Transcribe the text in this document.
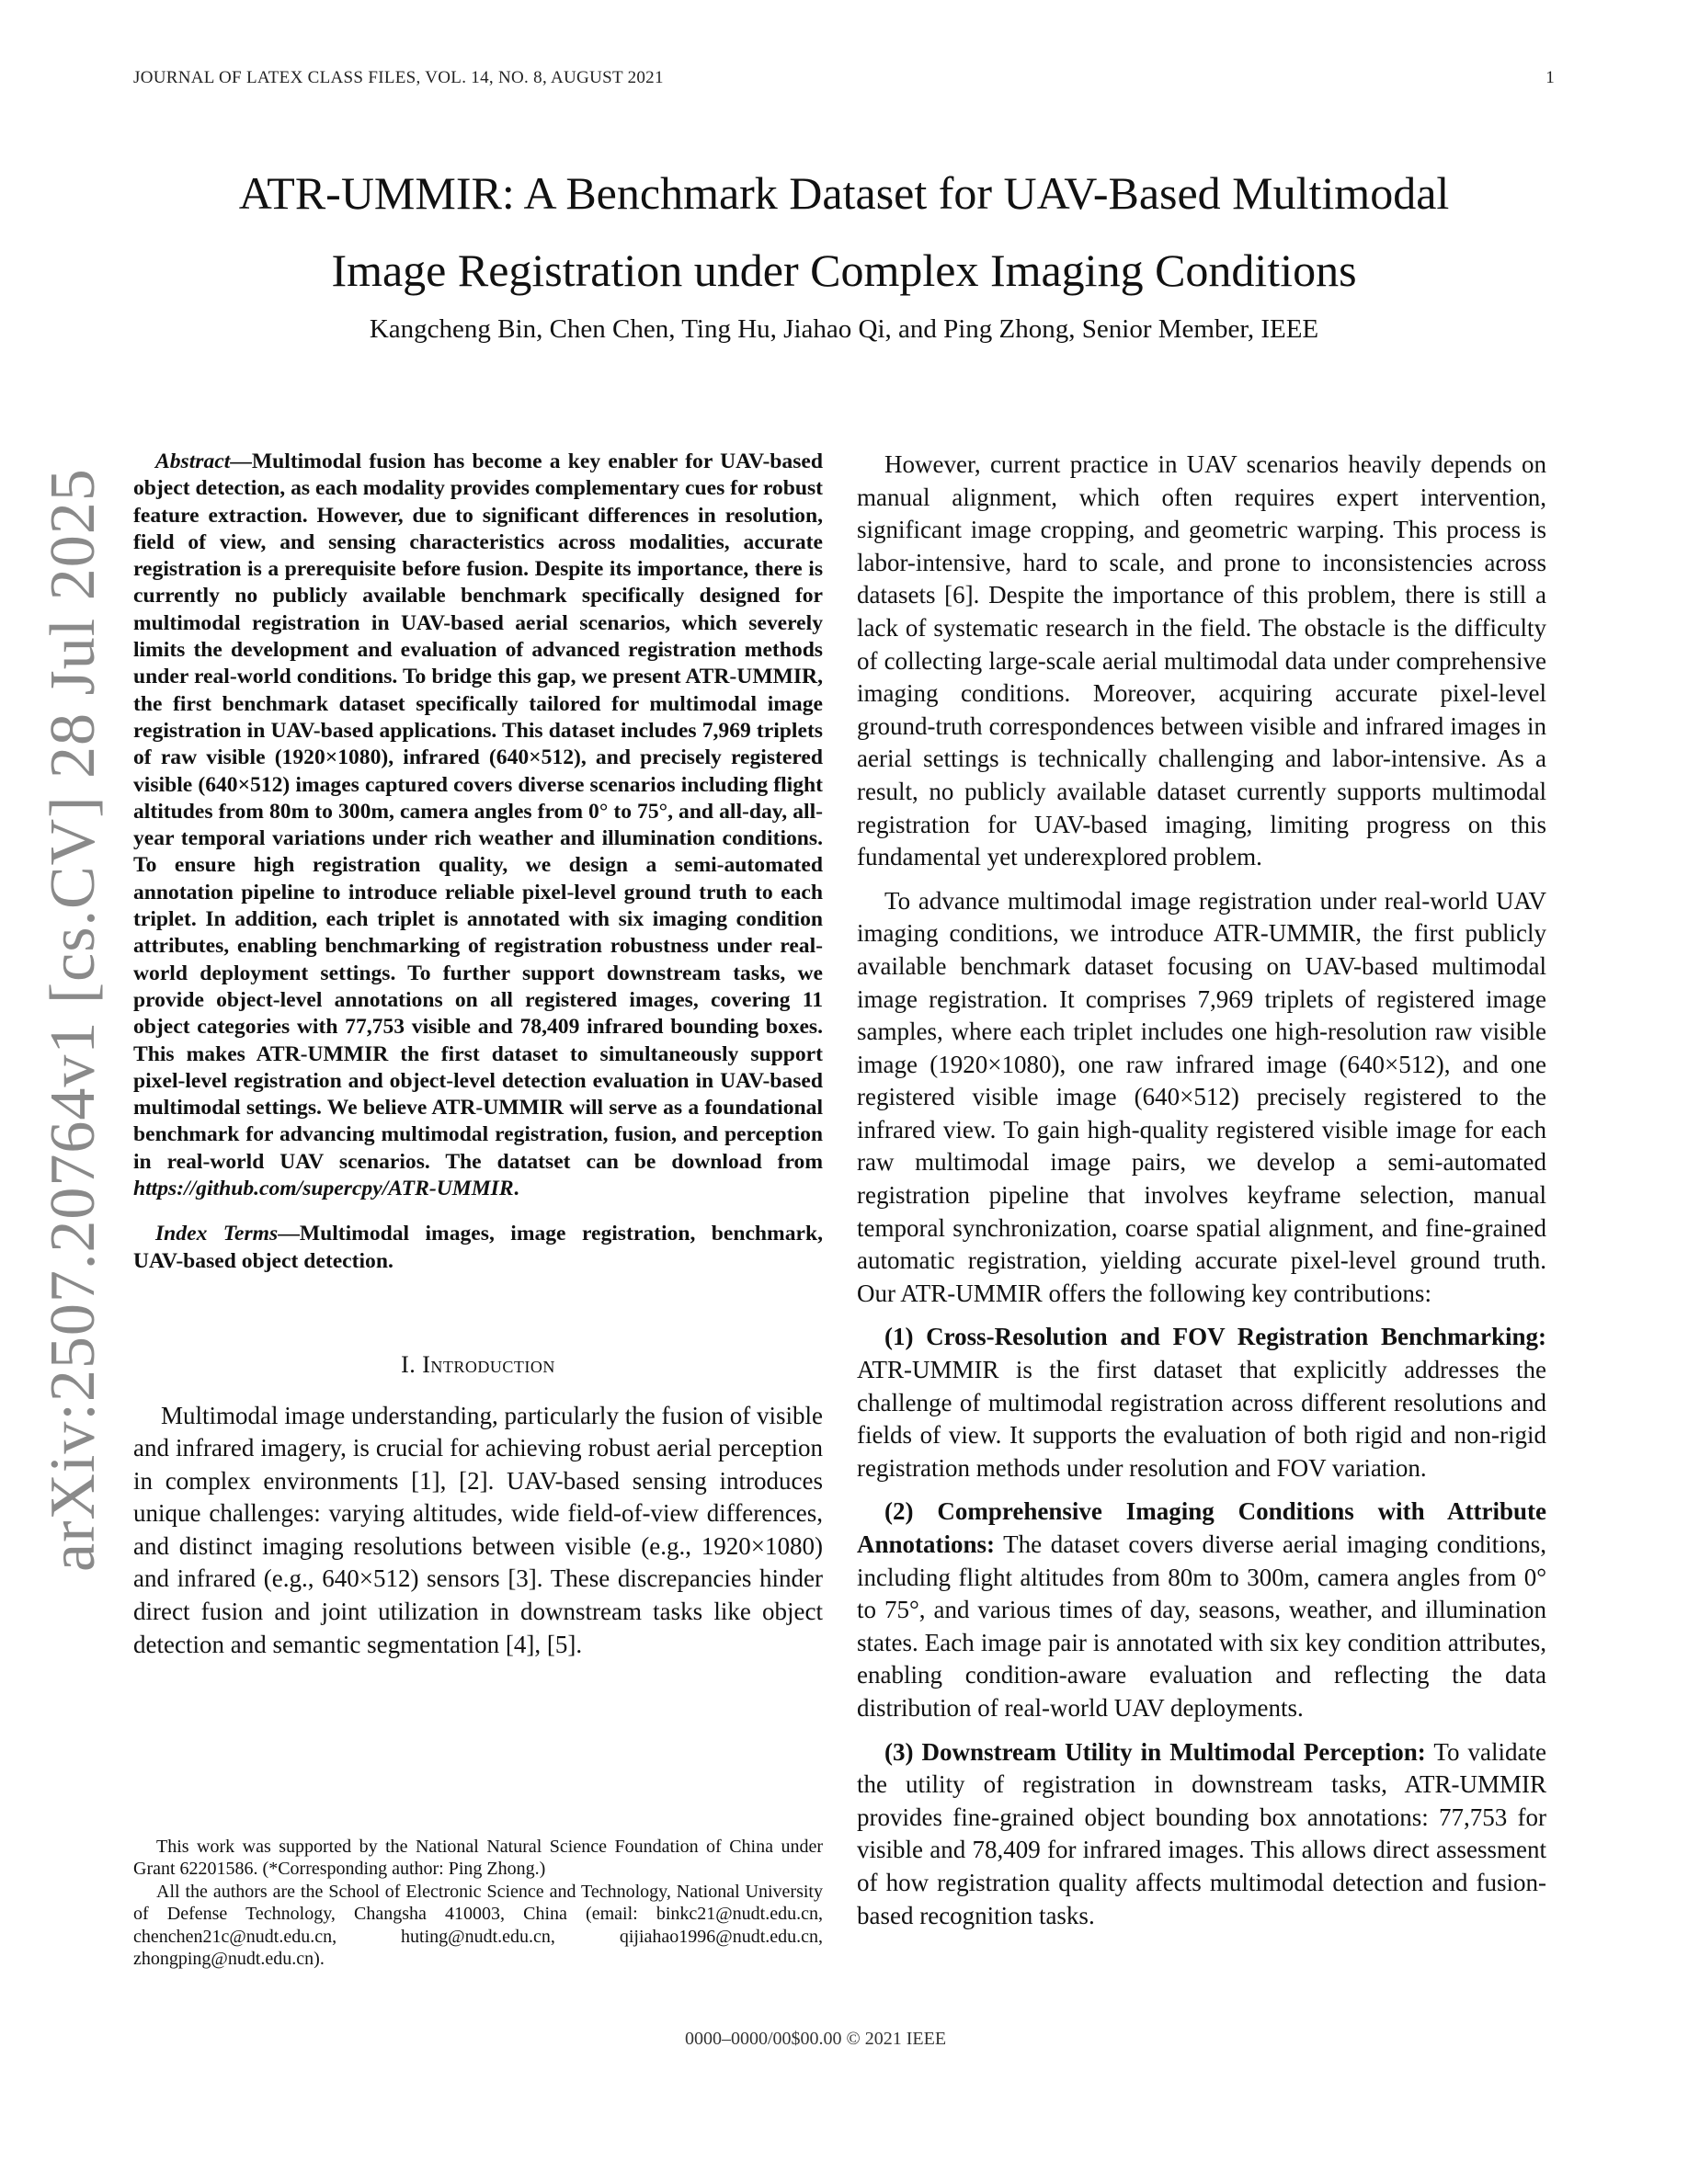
JOURNAL OF LATEX CLASS FILES, VOL. 14, NO. 8, AUGUST 2021	1
arXiv:2507.20764v1 [cs.CV] 28 Jul 2025
ATR-UMMIR: A Benchmark Dataset for UAV-Based Multimodal
Image Registration under Complex Imaging Conditions
Kangcheng Bin, Chen Chen, Ting Hu, Jiahao Qi, and Ping Zhong, Senior Member, IEEE

Abstract—Multimodal fusion has become a key enabler for UAV-based object detection, as each modality provides complementary cues for robust feature extraction. However, due to significant differences in resolution, field of view, and sensing characteristics across modalities, accurate registration is a prerequisite before fusion. Despite its importance, there is currently no publicly available benchmark specifically designed for multimodal registration in UAV-based aerial scenarios, which severely limits the development and evaluation of advanced registration methods under real-world conditions. To bridge this gap, we present ATR-UMMIR, the first benchmark dataset specifically tailored for multimodal image registration in UAV-based applications. This dataset includes 7,969 triplets of raw visible (1920×1080), infrared (640×512), and precisely registered visible (640×512) images captured covers diverse scenarios including flight altitudes from 80m to 300m, camera angles from 0° to 75°, and all-day, all-year temporal variations under rich weather and illumination conditions. To ensure high registration quality, we design a semi-automated annotation pipeline to introduce reliable pixel-level ground truth to each triplet. In addition, each triplet is annotated with six imaging condition attributes, enabling benchmarking of registration robustness under real-world deployment settings. To further support downstream tasks, we provide object-level annotations on all registered images, covering 11 object categories with 77,753 visible and 78,409 infrared bounding boxes. This makes ATR-UMMIR the first dataset to simultaneously support pixel-level registration and object-level detection evaluation in UAV-based multimodal settings. We believe ATR-UMMIR will serve as a foundational benchmark for advancing multimodal registration, fusion, and perception in real-world UAV scenarios. The datatset can be download from https://github.com/supercpy/ATR-UMMIR.

Index Terms—Multimodal images, image registration, benchmark, UAV-based object detection.

I. Introduction

Multimodal image understanding, particularly the fusion of visible and infrared imagery, is crucial for achieving robust aerial perception in complex environments [1], [2]. UAV-based sensing introduces unique challenges: varying altitudes, wide field-of-view differences, and distinct imaging resolutions between visible (e.g., 1920×1080) and infrared (e.g., 640×512) sensors [3]. These discrepancies hinder direct fusion and joint utilization in downstream tasks like object detection and semantic segmentation [4], [5].

This work was supported by the National Natural Science Foundation of China under Grant 62201586. (*Corresponding author: Ping Zhong.)

All the authors are the School of Electronic Science and Technology, National University of Defense Technology, Changsha 410003, China (email: binkc21@nudt.edu.cn, chenchen21c@nudt.edu.cn, huting@nudt.edu.cn, qijiahao1996@nudt.edu.cn, zhongping@nudt.edu.cn).

However, current practice in UAV scenarios heavily depends on manual alignment, which often requires expert intervention, significant image cropping, and geometric warping. This process is labor-intensive, hard to scale, and prone to inconsistencies across datasets [6]. Despite the importance of this problem, there is still a lack of systematic research in the field. The obstacle is the difficulty of collecting large-scale aerial multimodal data under comprehensive imaging conditions. Moreover, acquiring accurate pixel-level ground-truth correspondences between visible and infrared images in aerial settings is technically challenging and labor-intensive. As a result, no publicly available dataset currently supports multimodal registration for UAV-based imaging, limiting progress on this fundamental yet underexplored problem.

To advance multimodal image registration under real-world UAV imaging conditions, we introduce ATR-UMMIR, the first publicly available benchmark dataset focusing on UAV-based multimodal image registration. It comprises 7,969 triplets of registered image samples, where each triplet includes one high-resolution raw visible image (1920×1080), one raw infrared image (640×512), and one registered visible image (640×512) precisely registered to the infrared view. To gain high-quality registered visible image for each raw multimodal image pairs, we develop a semi-automated registration pipeline that involves keyframe selection, manual temporal synchronization, coarse spatial alignment, and fine-grained automatic registration, yielding accurate pixel-level ground truth. Our ATR-UMMIR offers the following key contributions:

(1) Cross-Resolution and FOV Registration Benchmarking: ATR-UMMIR is the first dataset that explicitly addresses the challenge of multimodal registration across different resolutions and fields of view. It supports the evaluation of both rigid and non-rigid registration methods under resolution and FOV variation.

(2) Comprehensive Imaging Conditions with Attribute Annotations: The dataset covers diverse aerial imaging conditions, including flight altitudes from 80m to 300m, camera angles from 0° to 75°, and various times of day, seasons, weather, and illumination states. Each image pair is annotated with six key condition attributes, enabling condition-aware evaluation and reflecting the data distribution of real-world UAV deployments.

(3) Downstream Utility in Multimodal Perception: To validate the utility of registration in downstream tasks, ATR-UMMIR provides fine-grained object bounding box annotations: 77,753 for visible and 78,409 for infrared images. This allows direct assessment of how registration quality affects multimodal detection and fusion-based recognition tasks.

0000–0000/00$00.00 © 2021 IEEE
